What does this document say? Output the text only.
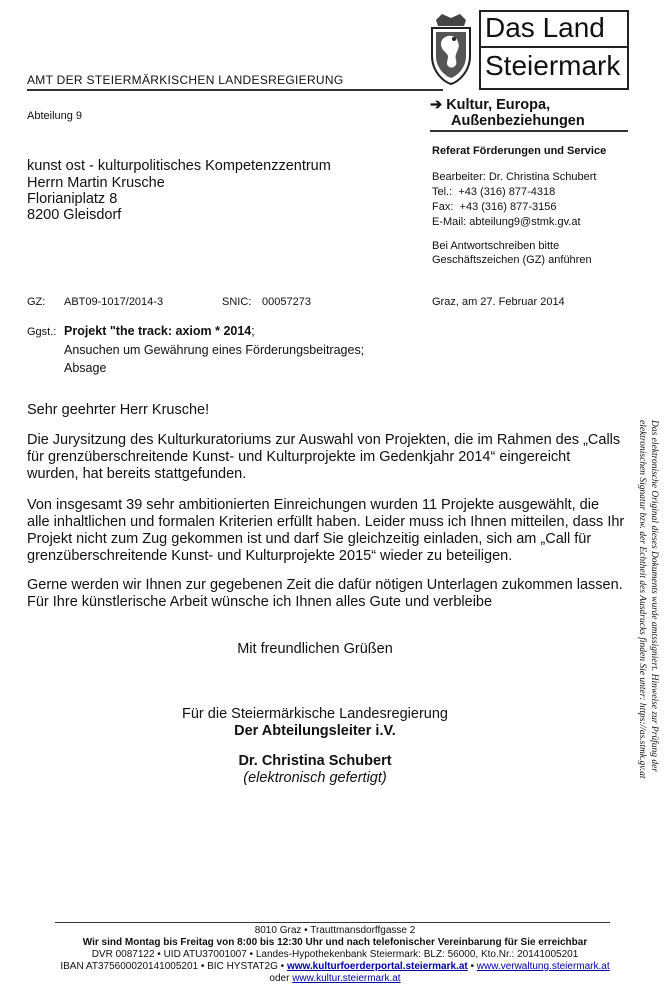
AMT DER STEIERMÄRKISCHEN LANDESREGIERUNG
Das Land
Steiermark
Abteilung 9
➔ Kultur, Europa,
Außenbeziehungen
kunst ost - kulturpolitisches Kompetenzzentrum
Herrn Martin Krusche
Florianiplatz 8
8200 Gleisdorf
Referat Förderungen und Service
Bearbeiter: Dr. Christina Schubert
Tel.: +43 (316) 877-4318
Fax: +43 (316) 877-3156
E-Mail: abteilung9@stmk.gv.at
Bei Antwortschreiben bitte
Geschäftszeichen (GZ) anführen
GZ: ABT09-1017/2014-3	SNIC: 00057273	Graz, am 27. Februar 2014
Ggst.: Projekt "the track: axiom * 2014;
Ansuchen um Gewährung eines Förderungsbeitrages;
Absage
Sehr geehrter Herr Krusche!
Die Jurysitzung des Kulturkuratoriums zur Auswahl von Projekten, die im Rahmen des „Calls
für grenzüberschreitende Kunst- und Kulturprojekte im Gedenkjahr 2014“ eingereicht
wurden, hat bereits stattgefunden.
Von insgesamt 39 sehr ambitionierten Einreichungen wurden 11 Projekte ausgewählt, die
alle inhaltlichen und formalen Kriterien erfüllt haben. Leider muss ich Ihnen mitteilen, dass Ihr
Projekt nicht zum Zug gekommen ist und darf Sie gleichzeitig einladen, sich am „Call für
grenzüberschreitende Kunst- und Kulturprojekte 2015“ wieder zu beteiligen.
Gerne werden wir Ihnen zur gegebenen Zeit die dafür nötigen Unterlagen zukommen lassen.
Für Ihre künstlerische Arbeit wünsche ich Ihnen alles Gute und verbleibe
Mit freundlichen Grüßen
Für die Steiermärkische Landesregierung
Der Abteilungsleiter i.V.
Dr. Christina Schubert
(elektronisch gefertigt)
Das elektronische Original dieses Dokuments wurde amtssigniert. Hinweise zur Prüfung der
elektronischen Signatur bzw. der Echtheit des Ausdrucks finden Sie unter: https://as.stmk.gv.at
8010 Graz • Trauttmansdorffgasse 2
Wir sind Montag bis Freitag von 8:00 bis 12:30 Uhr und nach telefonischer Vereinbarung für Sie erreichbar
DVR 0087122 • UID ATU37001007 • Landes-Hypothekenbank Steiermark: BLZ: 56000, Kto.Nr.: 20141005201
IBAN AT375600020141005201 • BIC HYSTAT2G • www.kulturfoerderportal.steiermark.at • www.verwaltung.steiermark.at
oder www.kultur.steiermark.at
